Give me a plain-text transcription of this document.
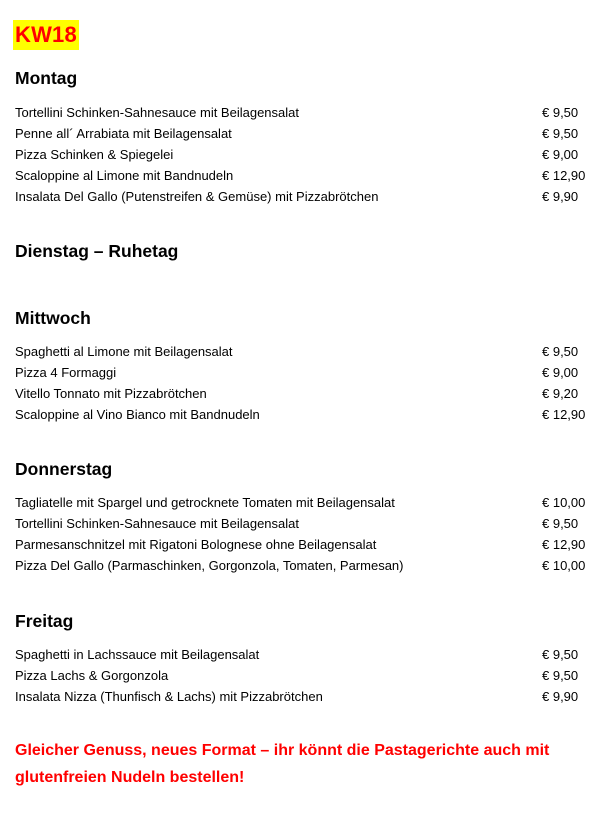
KW18
Montag
Tortellini Schinken-Sahnesauce mit Beilagensalat	€ 9,50
Penne all´ Arrabiata mit Beilagensalat	€ 9,50
Pizza Schinken & Spiegelei	€ 9,00
Scaloppine al Limone mit Bandnudeln	€ 12,90
Insalata Del Gallo (Putenstreifen & Gemüse) mit Pizzabrötchen	€ 9,90
Dienstag – Ruhetag
Mittwoch
Spaghetti al Limone mit Beilagensalat	€ 9,50
Pizza 4 Formaggi	€ 9,00
Vitello Tonnato mit Pizzabrötchen	€ 9,20
Scaloppine al Vino Bianco mit Bandnudeln	€ 12,90
Donnerstag
Tagliatelle mit Spargel und getrocknete Tomaten mit Beilagensalat	€ 10,00
Tortellini Schinken-Sahnesauce mit Beilagensalat	€ 9,50
Parmesanschnitzel mit Rigatoni Bolognese ohne Beilagensalat	€ 12,90
Pizza Del Gallo (Parmaschinken, Gorgonzola, Tomaten, Parmesan)	€ 10,00
Freitag
Spaghetti in Lachssauce mit Beilagensalat	€ 9,50
Pizza Lachs & Gorgonzola	€ 9,50
Insalata Nizza (Thunfisch & Lachs) mit Pizzabrötchen	€ 9,90

Gleicher Genuss, neues Format – ihr könnt die Pastagerichte auch mit glutenfreien Nudeln bestellen!
